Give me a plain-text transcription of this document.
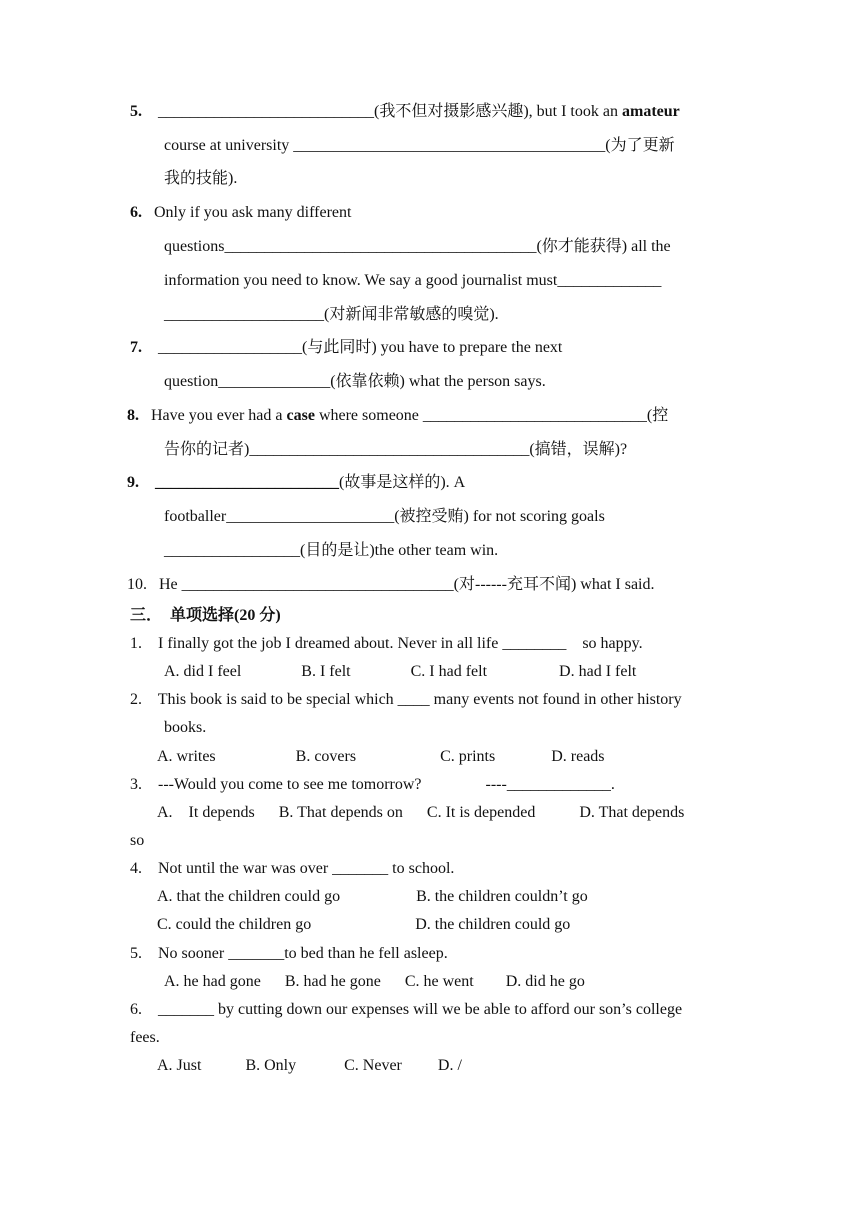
5.    ___________________________(我不但对摄影感兴趣), but I took an amateur
course at university _______________________________________(为了更新
我的技能).
6.   Only if you ask many different
questions_______________________________________(你才能获得) all the
information you need to know. We say a good journalist must_____________
____________________(对新闻非常敏感的嗅觉).
7.    __________________(与此同时) you have to prepare the next
question______________(依靠依赖) what the person says.
8.   Have you ever had a case where someone ____________________________(控
告你的记者)___________________________________(搞错，误解)?
9. _______________________(故事是这样的). A
footballer_____________________(被控受贿) for not scoring goals
_________________(目的是让)the other team win.
10.   He __________________________________(对------充耳不闻) what I said.
三．  单项选择(20 分)
1.    I finally got the job I dreamed about. Never in all life ________    so happy.
A. did I feel               B. I felt               C. I had felt                  D. had I felt
2.    This book is said to be special which ____ many events not found in other history
books.
A. writes                    B. covers                     C. prints              D. reads
3.    ---Would you come to see me tomorrow?                ----_____________.
A.    It depends      B. That depends on      C. It is depended           D. That depends
so
4.    Not until the war was over _______ to school.
A. that the children could go                   B. the children couldn’t go
C. could the children go                          D. the children could go
5.    No sooner _______to bed than he fell asleep.
A. he had gone      B. had he gone      C. he went        D. did he go
6.    _______ by cutting down our expenses will we be able to afford our son’s college
fees.
A. Just           B. Only            C. Never         D. /
